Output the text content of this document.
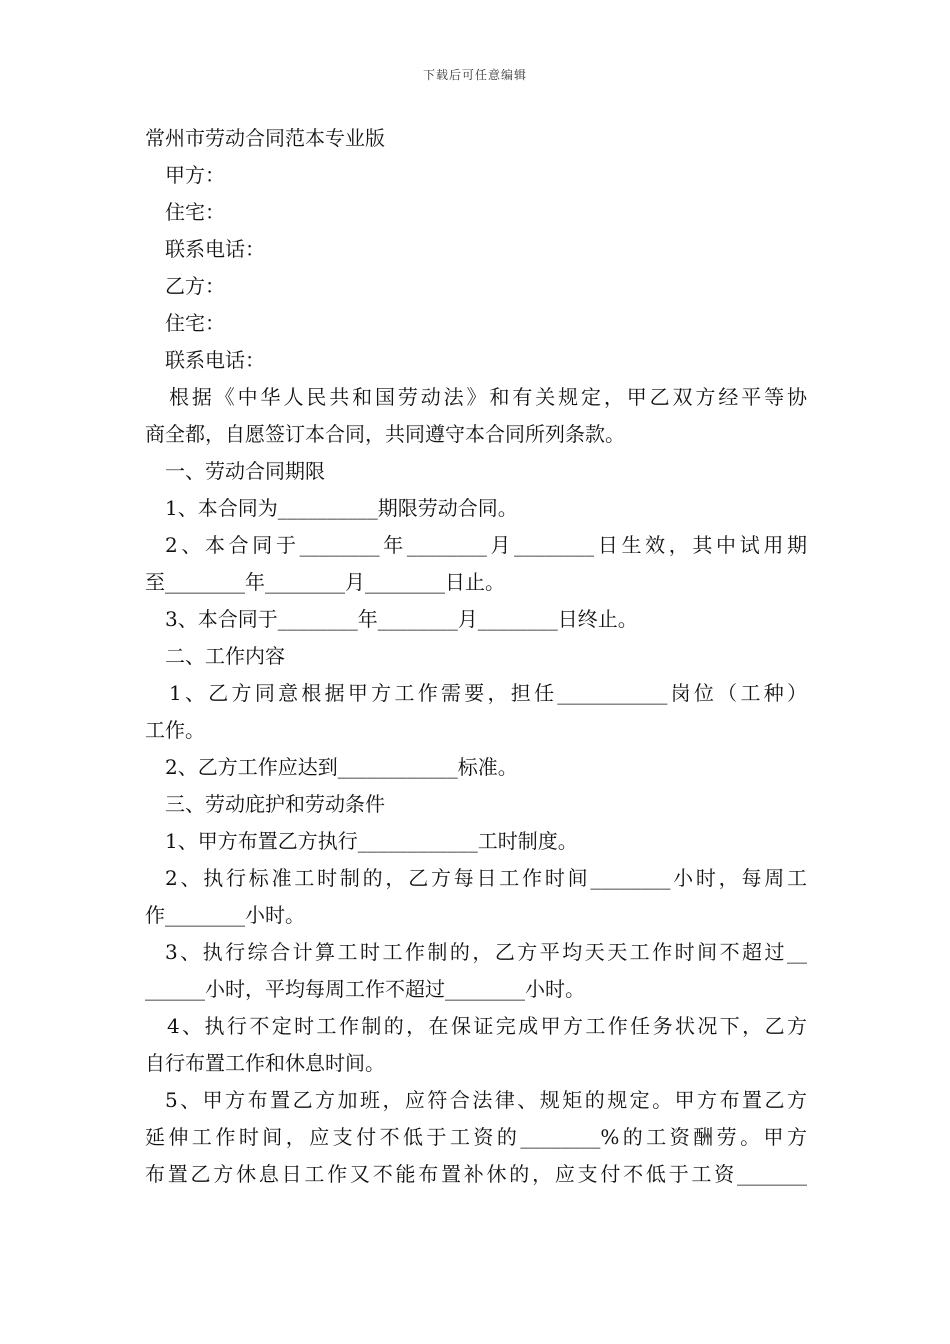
下载后可任意编辑
常州市劳动合同范本专业版
甲方：
住宅：
联系电话：
乙方：
住宅：
联系电话：
根据《中华人民共和国劳动法》和有关规定，甲乙双方经平等协
商全都，自愿签订本合同，共同遵守本合同所列条款。
一、劳动合同期限
1、本合同为__________期限劳动合同。
2、本合同于________年________月________日生效，其中试用期
至________年________月________日止。
3、本合同于________年________月________日终止。
二、工作内容
1、乙方同意根据甲方工作需要，担任___________岗位（工种）
工作。
2、乙方工作应达到____________标准。
三、劳动庇护和劳动条件
1、甲方布置乙方执行____________工时制度。
2、执行标准工时制的，乙方每日工作时间________小时，每周工
作________小时。
3、执行综合计算工时工作制的，乙方平均天天工作时间不超过__
______小时，平均每周工作不超过________小时。
4、执行不定时工作制的，在保证完成甲方工作任务状况下，乙方
自行布置工作和休息时间。
5、甲方布置乙方加班，应符合法律、规矩的规定。甲方布置乙方
延伸工作时间，应支付不低于工资的________%的工资酬劳。甲方
布置乙方休息日工作又不能布置补休的，应支付不低于工资_______
